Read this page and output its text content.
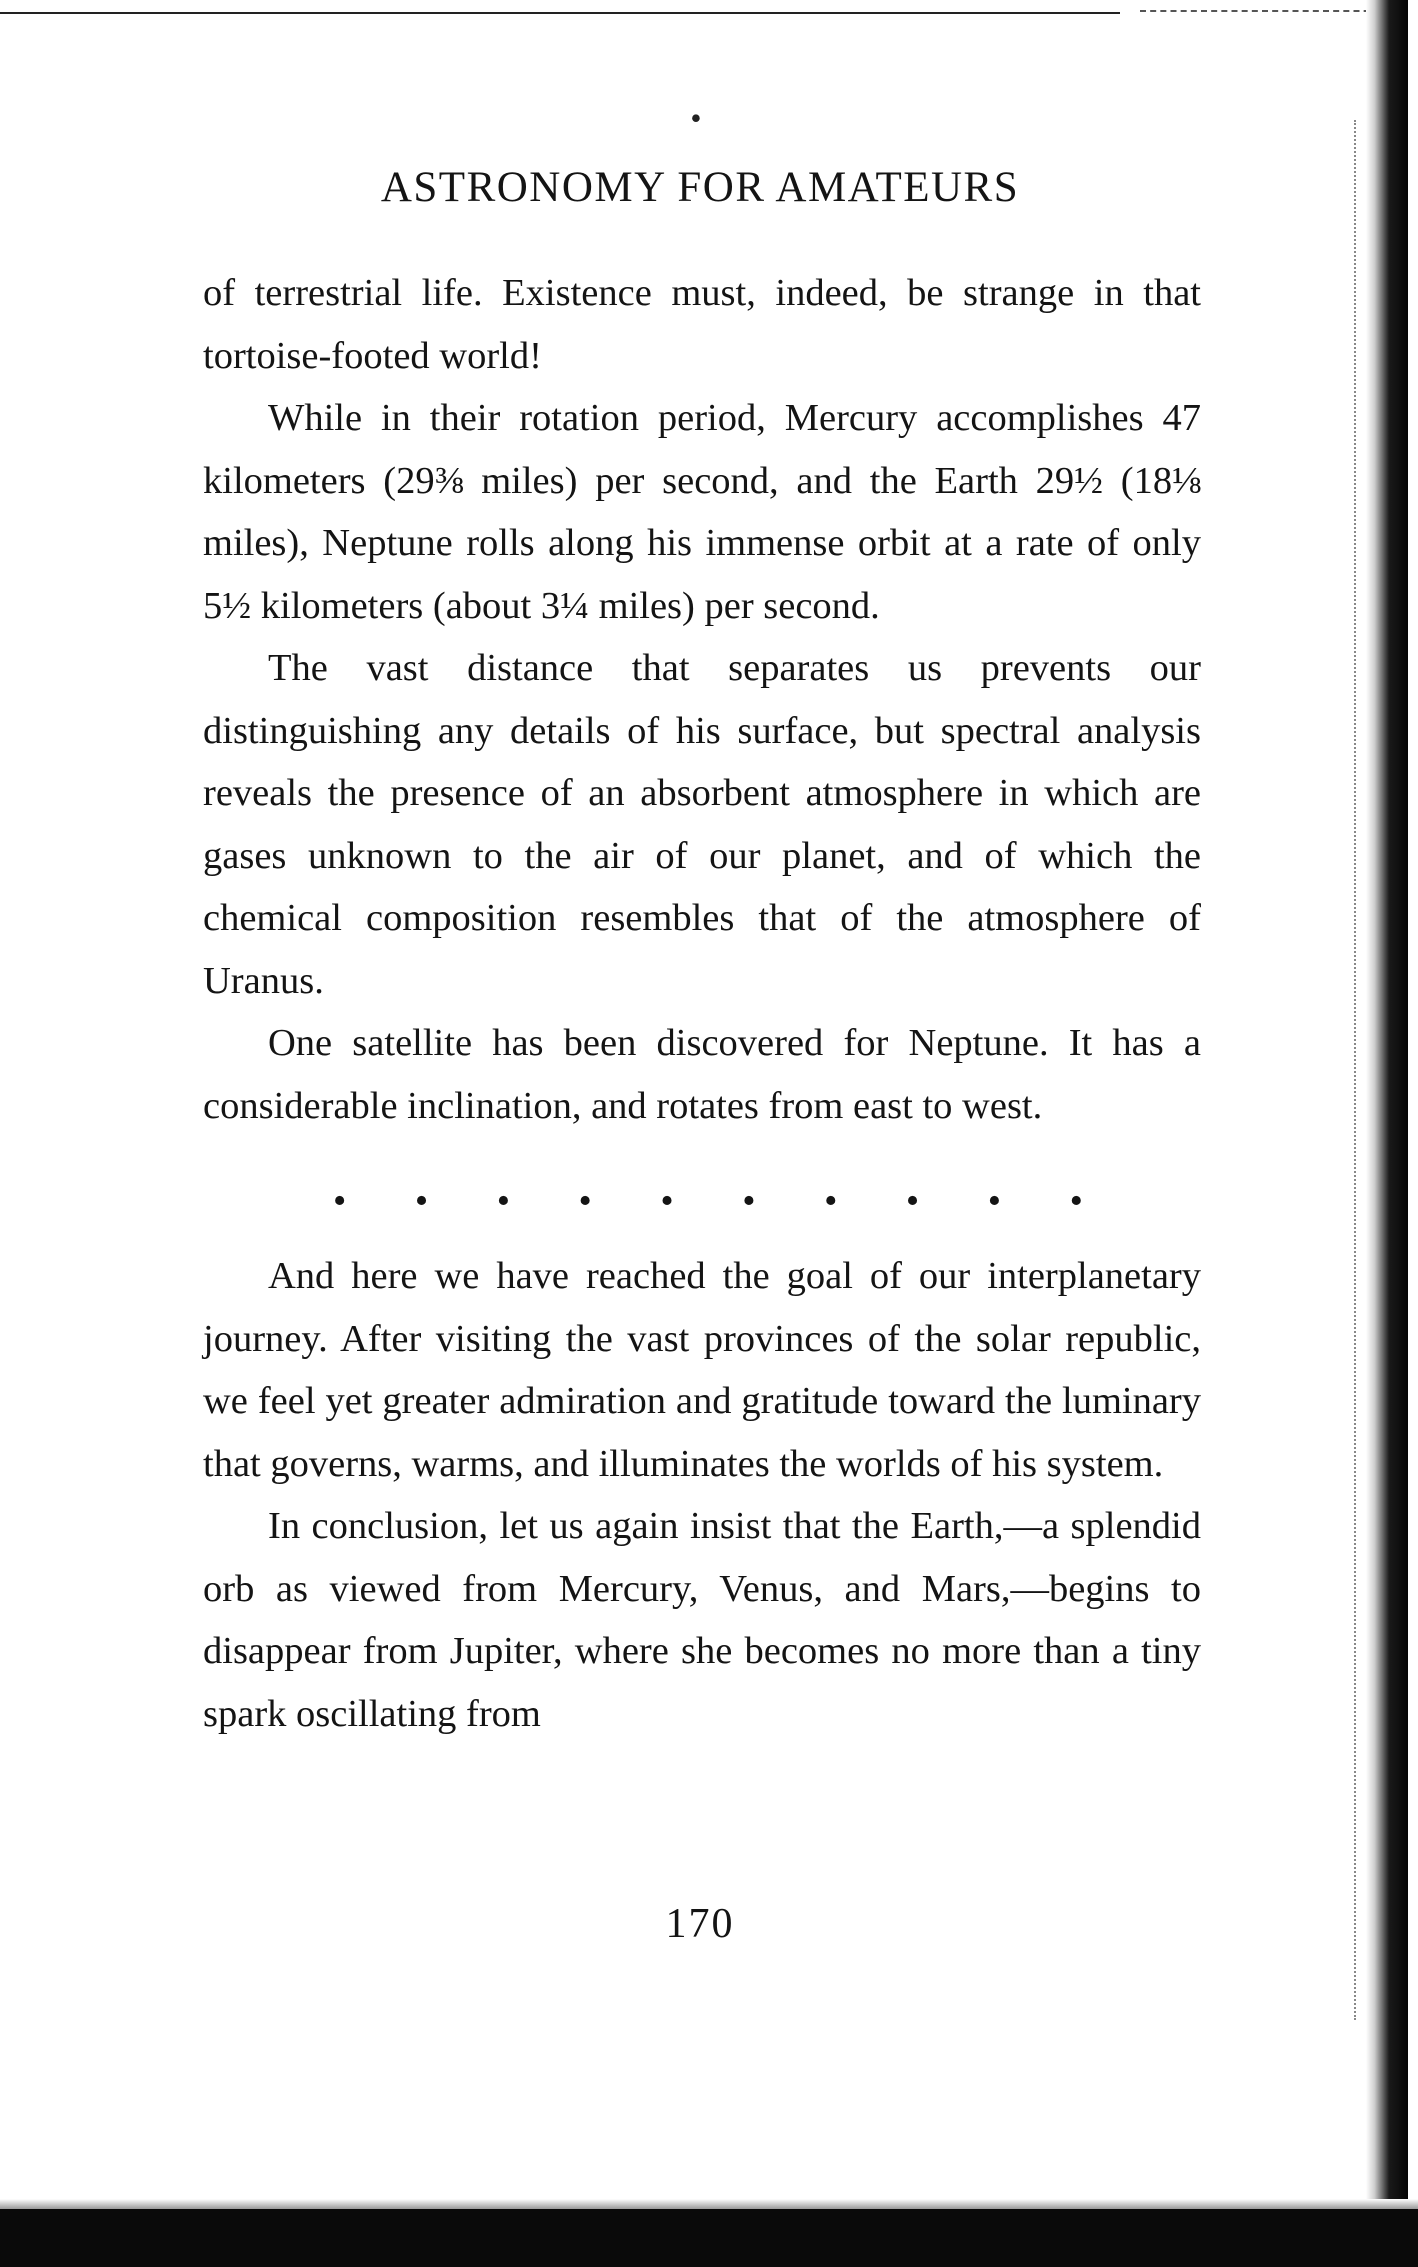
•
ASTRONOMY FOR AMATEURS

of terrestrial life. Existence must, indeed, be strange in that tortoise-footed world!

While in their rotation period, Mercury accomplishes 47 kilometers (29⅜ miles) per second, and the Earth 29½ (18⅛ miles), Neptune rolls along his immense orbit at a rate of only 5½ kilometers (about 3¼ miles) per second.

The vast distance that separates us prevents our distinguishing any details of his surface, but spectral analysis reveals the presence of an absorbent atmosphere in which are gases unknown to the air of our planet, and of which the chemical composition resembles that of the atmosphere of Uranus.

One satellite has been discovered for Neptune. It has a considerable inclination, and rotates from east to west.

• • • • • • • • • •

And here we have reached the goal of our interplanetary journey. After visiting the vast provinces of the solar republic, we feel yet greater admiration and gratitude toward the luminary that governs, warms, and illuminates the worlds of his system.

In conclusion, let us again insist that the Earth,—a splendid orb as viewed from Mercury, Venus, and Mars,—begins to disappear from Jupiter, where she becomes no more than a tiny spark oscillating from

170
